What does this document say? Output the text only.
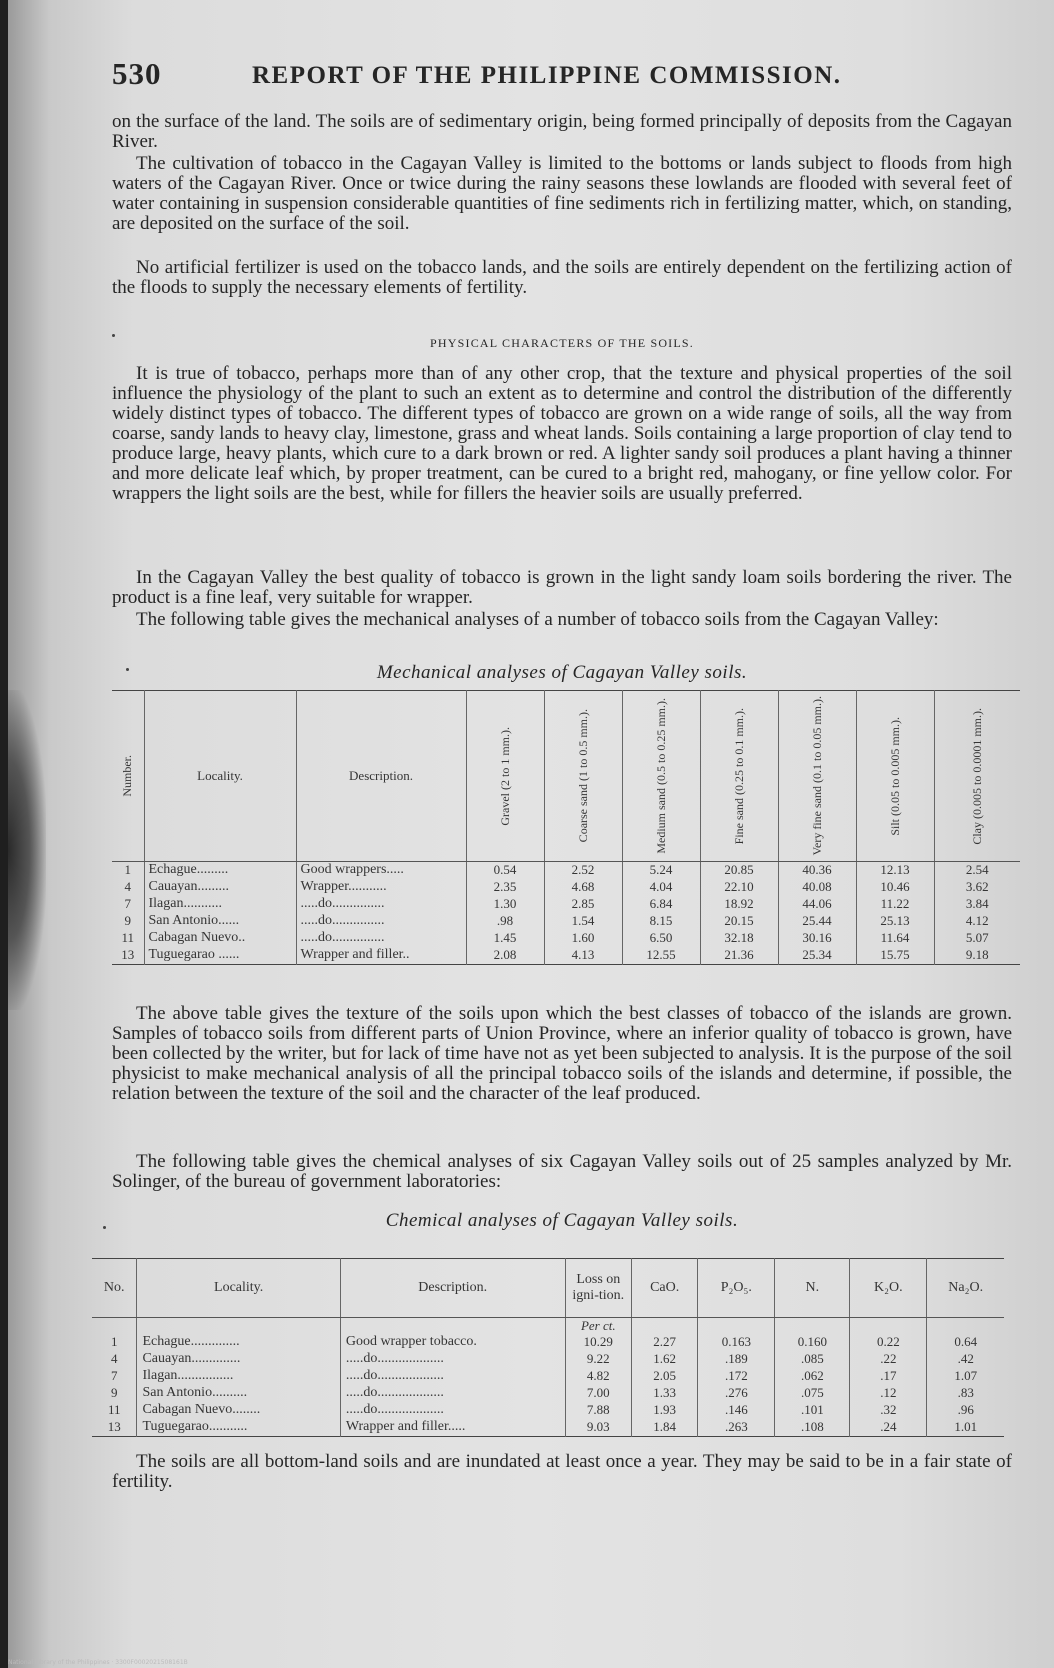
530	REPORT OF THE PHILIPPINE COMMISSION.

on the surface of the land. The soils are of sedimentary origin, being formed principally of deposits from the Cagayan River.

The cultivation of tobacco in the Cagayan Valley is limited to the bottoms or lands subject to floods from high waters of the Cagayan River. Once or twice during the rainy seasons these lowlands are flooded with several feet of water containing in suspension considerable quantities of fine sediments rich in fertilizing matter, which, on standing, are deposited on the surface of the soil.

No artificial fertilizer is used on the tobacco lands, and the soils are entirely dependent on the fertilizing action of the floods to supply the necessary elements of fertility.

PHYSICAL CHARACTERS OF THE SOILS.

It is true of tobacco, perhaps more than of any other crop, that the texture and physical properties of the soil influence the physiology of the plant to such an extent as to determine and control the distribution of the differently widely distinct types of tobacco. The different types of tobacco are grown on a wide range of soils, all the way from coarse, sandy lands to heavy clay, limestone, grass and wheat lands. Soils containing a large proportion of clay tend to produce large, heavy plants, which cure to a dark brown or red. A lighter sandy soil produces a plant having a thinner and more delicate leaf which, by proper treatment, can be cured to a bright red, mahogany, or fine yellow color. For wrappers the light soils are the best, while for fillers the heavier soils are usually preferred.

In the Cagayan Valley the best quality of tobacco is grown in the light sandy loam soils bordering the river. The product is a fine leaf, very suitable for wrapper.

The following table gives the mechanical analyses of a number of tobacco soils from the Cagayan Valley:

Mechanical analyses of Cagayan Valley soils.
Number.	Locality.	Description.	Gravel (2 to 1 mm.).	Coarse sand (1 to 0.5 mm.).	Medium sand (0.5 to 0.25 mm.).	Fine sand (0.25 to 0.1 mm.).	Very fine sand (0.1 to 0.05 mm.).	Silt (0.05 to 0.005 mm.).	Clay (0.005 to 0.0001 mm.).

1	Echague.........	Good wrappers.....	0.54	2.52	5.24	20.85	40.36	12.13	2.54
4	Cauayan.........	Wrapper...........	2.35	4.68	4.04	22.10	40.08	10.46	3.62
7	Ilagan...........	.....do...............	1.30	2.85	6.84	18.92	44.06	11.22	3.84
9	San Antonio......	.....do...............	.98	1.54	8.15	20.15	25.44	25.13	4.12
11	Cabagan Nuevo..	.....do...............	1.45	1.60	6.50	32.18	30.16	11.64	5.07
13	Tuguegarao ......	Wrapper and filler..	2.08	4.13	12.55	21.36	25.34	15.75	9.18

The above table gives the texture of the soils upon which the best classes of tobacco of the islands are grown. Samples of tobacco soils from different parts of Union Province, where an inferior quality of tobacco is grown, have been collected by the writer, but for lack of time have not as yet been subjected to analysis. It is the purpose of the soil physicist to make mechanical analysis of all the principal tobacco soils of the islands and determine, if possible, the relation between the texture of the soil and the character of the leaf produced.

The following table gives the chemical analyses of six Cagayan Valley soils out of 25 samples analyzed by Mr. Solinger, of the bureau of government laboratories:

Chemical analyses of Cagayan Valley soils.
No.	Locality.	Description.	Loss on igni-tion.	CaO.	P₂O₅.	N.	K₂O.	Na₂O.
			Per ct.					
1	Echague..............	Good wrapper tobacco.	10.29	2.27	0.163	0.160	0.22	0.64
4	Cauayan..............	.....do...................	9.22	1.62	.189	.085	.22	.42
7	Ilagan................	.....do...................	4.82	2.05	.172	.062	.17	1.07
9	San Antonio..........	.....do...................	7.00	1.33	.276	.075	.12	.83
11	Cabagan Nuevo........	.....do...................	7.88	1.93	.146	.101	.32	.96
13	Tuguegarao...........	Wrapper and filler.....	9.03	1.84	.263	.108	.24	1.01

The soils are all bottom-land soils and are inundated at least once a year. They may be said to be in a fair state of fertility.

National Library of the Philippines · 3300F0002021508161B
